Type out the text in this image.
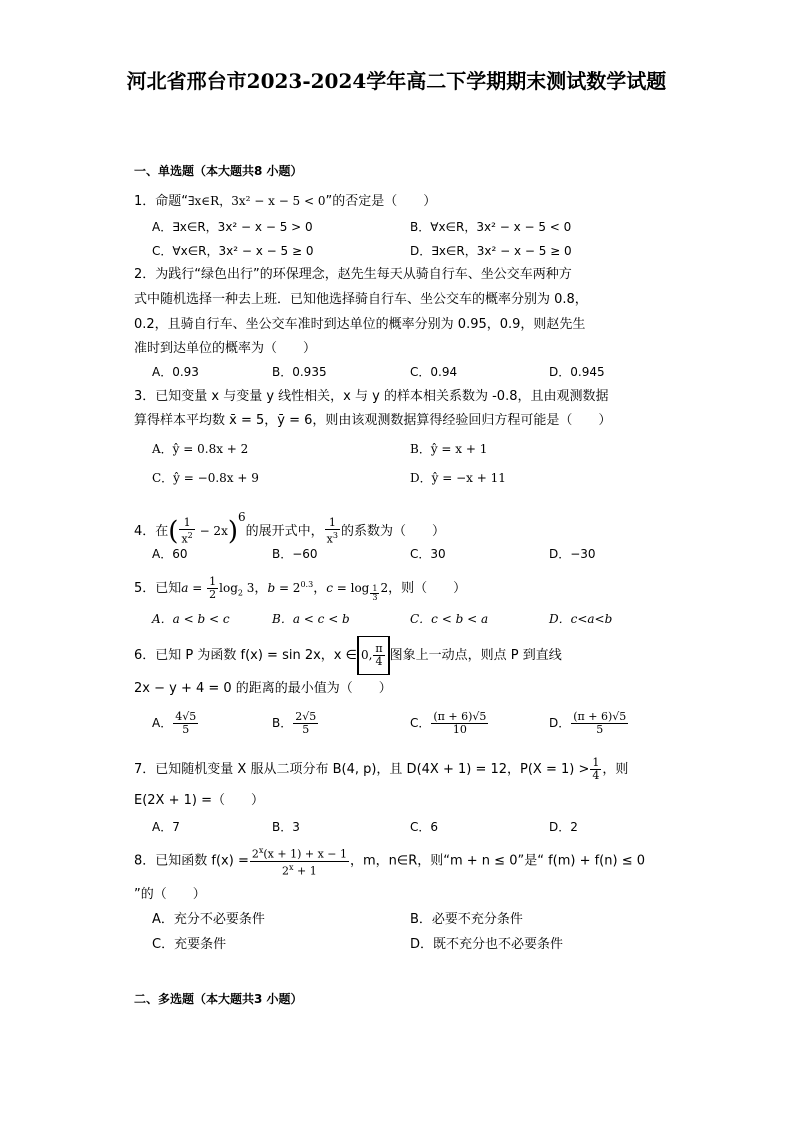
河北省邢台市2023-2024学年高二下学期期末测试数学试题
一、单选题（本大题共8 小题）
1．命题“∃x∈R，3x² − x − 5 < 0”的否定是（　　）
A．∃x∈R，3x² − x − 5 > 0	B．∀x∈R，3x² − x − 5 < 0
C．∀x∈R，3x² − x − 5 ≥ 0	D．∃x∈R，3x² − x − 5 ≥ 0
2．为践行“绿色出行”的环保理念，赵先生每天从骑自行车、坐公交车两种方
式中随机选择一种去上班．已知他选择骑自行车、坐公交车的概率分别为 0.8，
0.2，且骑自行车、坐公交车准时到达单位的概率分别为 0.95，0.9，则赵先生
准时到达单位的概率为（　　）
A．0.93	B．0.935	C．0.94	D．0.945
3．已知变量 x 与变量 y 线性相关，x 与 y 的样本相关系数为 -0.8，且由观测数据
算得样本平均数 x̄ = 5，ȳ = 6，则由该观测数据算得经验回归方程可能是（　　）
A．ŷ = 0.8x + 2	B．ŷ = x + 1
C．ŷ = −0.8x + 9	D．ŷ = −x + 11
4．在( $\frac{1}{x^2} - 2x)^6$的展开式中， $\frac{1}{x^3}$ 的系数为（　　）
A．60	B．−60	C．30	D．−30
5．已知$a = \frac{1}{2} \log_2 3$，$b = 2^{0.3}$，c = log $_{\frac{1}{3}}$ 2，则（　　）
A．a < b < c	B．a < c < b	C．c < b < a	D．c<a<b
6．已知 P 为函数 f(x) = sin 2x，x ∈ 0, $\frac{\pi}{4}$ 图象上一动点，则点 P 到直线
2x − y + 4 = 0 的距离的最小值为（　　）
A． $\frac{4√5}{5}$	B． $\frac{2√5}{5}$	C． $\frac{(\pi + 6)√5}{10}$	D． $\frac{(\pi + 6)√5}{5}$
7．已知随机变量 X 服从二项分布 B(4, p)，且 D(4X + 1) = 12，$P(X = 1) > \frac{1}{4}$ ，则
E(2X + 1) =（　　）
A．7	B．3	C．6	D．2
8．已知函数 $f(x) = \frac{2^x(x + 1) + x - 1}{2^x + 1}$ ，m，n∈R，则“m + n ≤ 0”是“ f(m) + f(n) ≤ 0
”的（　　）
A．充分不必要条件	B．必要不充分条件
C．充要条件	D．既不充分也不必要条件
二、多选题（本大题共3 小题）
